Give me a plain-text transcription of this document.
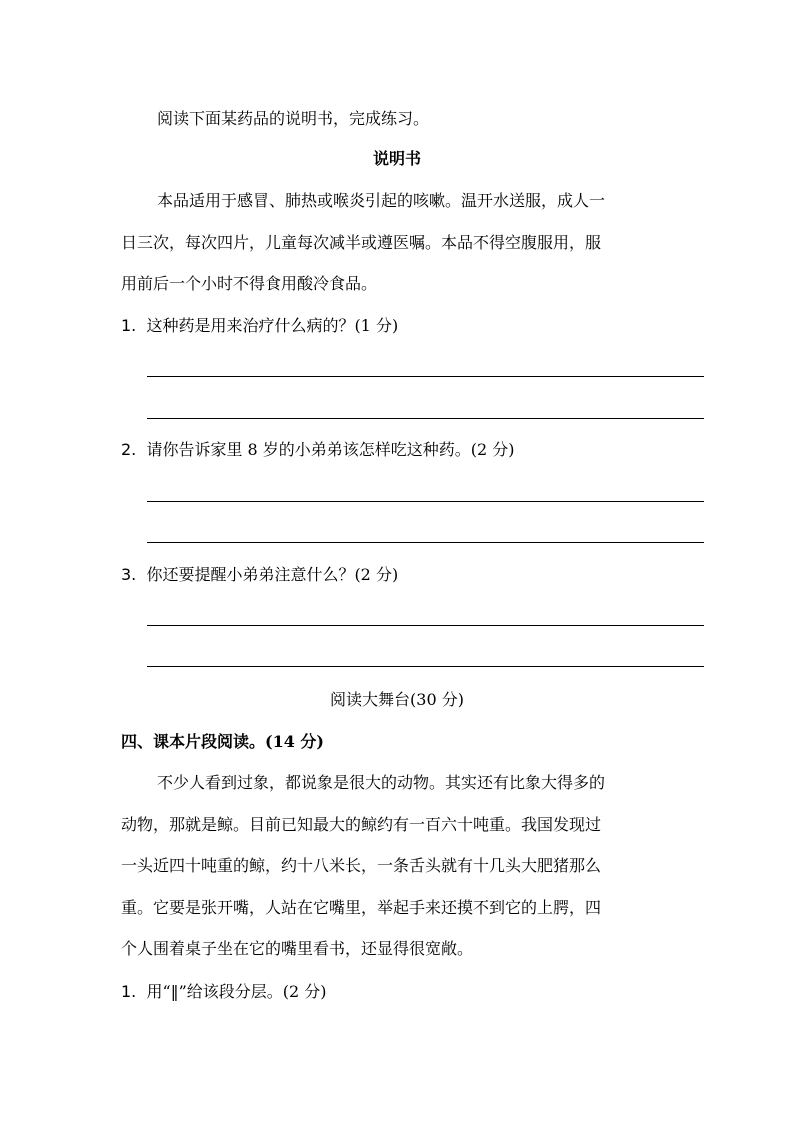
阅读下面某药品的说明书，完成练习。
说明书
本品适用于感冒、肺热或喉炎引起的咳嗽。温开水送服，成人一
日三次，每次四片，儿童每次减半或遵医嘱。本品不得空腹服用，服
用前后一个小时不得食用酸冷食品。
1. 这种药是用来治疗什么病的？(1 分)
2. 请你告诉家里 8 岁的小弟弟该怎样吃这种药。(2 分)
3. 你还要提醒小弟弟注意什么？(2 分)
阅读大舞台(30 分)
四、课本片段阅读。(14 分)
不少人看到过象，都说象是很大的动物。其实还有比象大得多的
动物，那就是鲸。目前已知最大的鲸约有一百六十吨重。我国发现过
一头近四十吨重的鲸，约十八米长，一条舌头就有十几头大肥猪那么
重。它要是张开嘴，人站在它嘴里，举起手来还摸不到它的上腭，四
个人围着桌子坐在它的嘴里看书，还显得很宽敞。
1. 用“‖”给该段分层。(2 分)
